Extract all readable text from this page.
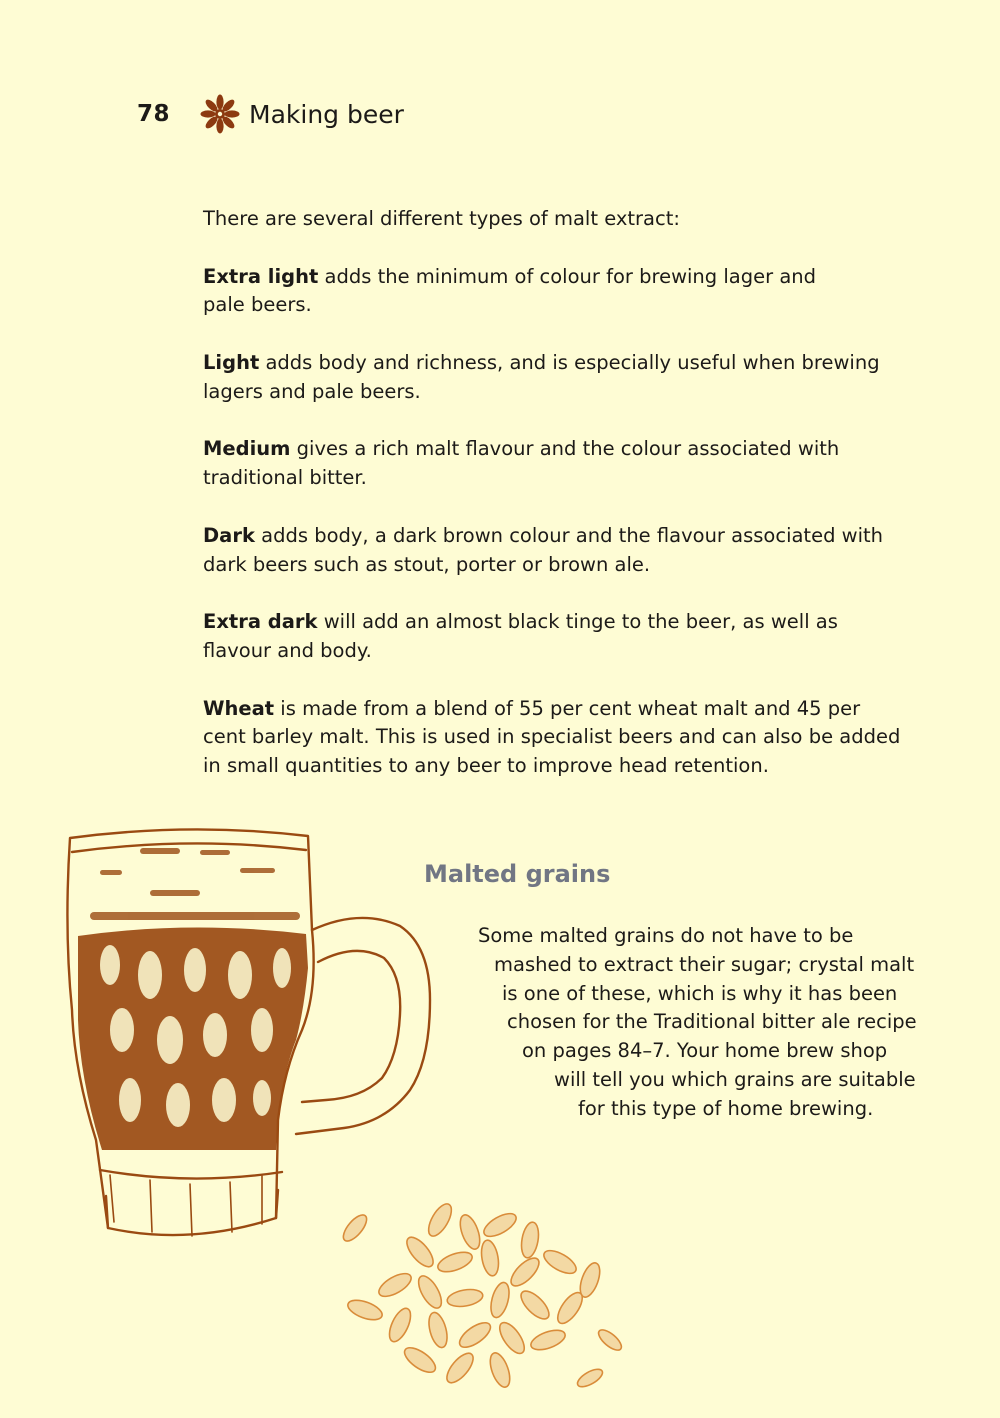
78	Making beer

There are several different types of malt extract:

Extra light adds the minimum of colour for brewing lager and
pale beers.

Light adds body and richness, and is especially useful when brewing
lagers and pale beers.

Medium gives a rich malt flavour and the colour associated with
traditional bitter.

Dark adds body, a dark brown colour and the flavour associated with
dark beers such as stout, porter or brown ale.

Extra dark will add an almost black tinge to the beer, as well as
flavour and body.

Wheat is made from a blend of 55 per cent wheat malt and 45 per
cent barley malt. This is used in specialist beers and can also be added
in small quantities to any beer to improve head retention.

Malted grains
Some malted grains do not have to be
mashed to extract their sugar; crystal malt
is one of these, which is why it has been
chosen for the Traditional bitter ale recipe
on pages 84–7. Your home brew shop
will tell you which grains are suitable
for this type of home brewing.
